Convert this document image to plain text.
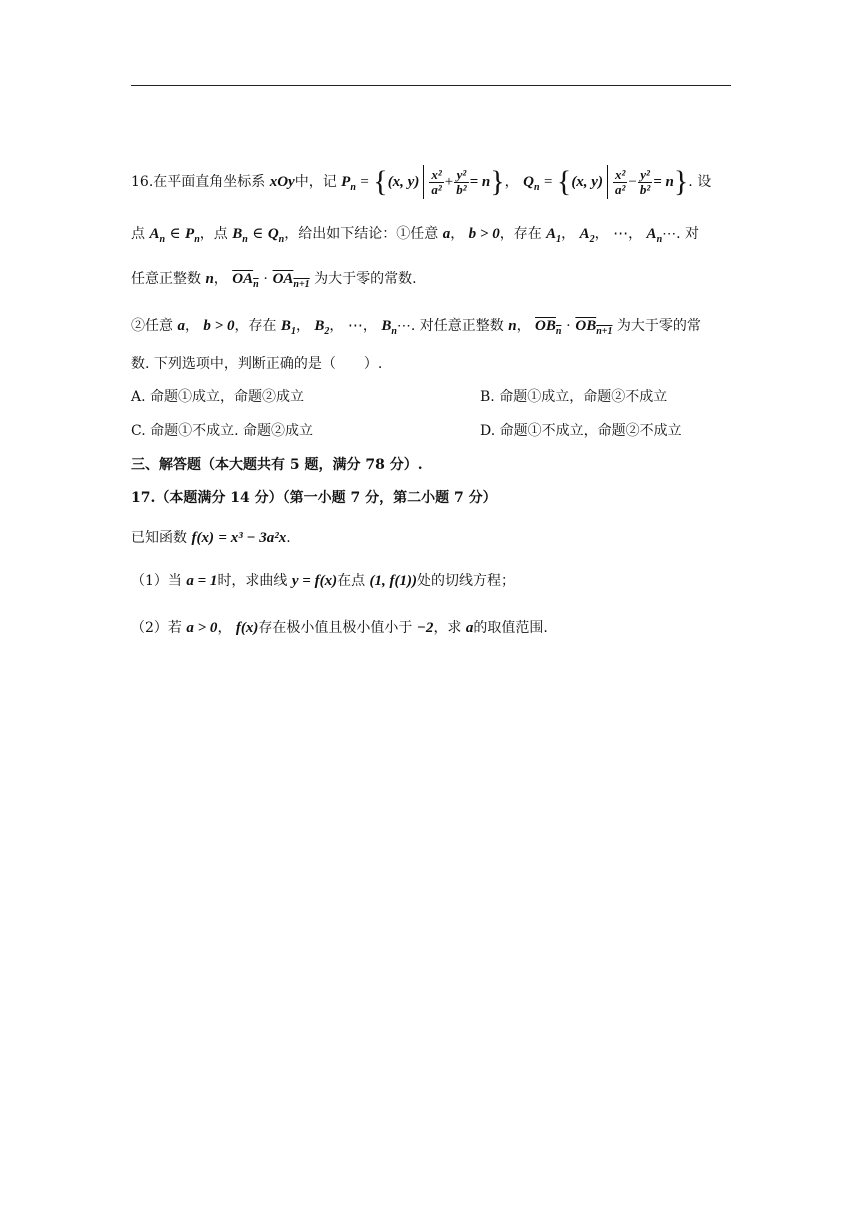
16.在平面直角坐标系 xOy中，记 $P_n = \{(x$, $y) \frac{\text{x²}}{\text{a²}} + \frac{\text{y²}}{\text{b²}} = n$}， $Q_n = \{(x$, $y) \frac{\text{x²}}{\text{a²}} - \frac{\text{y²}}{\text{b²}} = n$}. 设
点 $A_n$ ∈ $P_n$，点 $B_n$ ∈ $Q_n$，给出如下结论：①任意 a， b > 0，存在 $A_1$， $A_2$， ⋯， $A_n\cdots$. 对
任意正整数 n， $OA_n \cdot OA_{n+1}$ 为大于零的常数.
②任意 a， b > 0，存在 $B_1$， $B_2$， ⋯， $B_n\cdots$. 对任意正整数 n， $OB_n \cdot OB_{n+1}$ 为大于零的常
数. 下列选项中，判断正确的是（　　）.
A. 命题①成立，命题②成立	B. 命题①成立，命题②不成立
C. 命题①不成立. 命题②成立	D. 命题①不成立，命题②不成立
三、解答题（本大题共有 5 题，满分 78 分）.
17.（本题满分 14 分）（第一小题 7 分，第二小题 7 分）
已知函数 f(x) = x³ − 3a²x.
（1）当 a = 1时，求曲线 y = f(x)在点 (1, f(1))处的切线方程；
（2）若 a > 0， f(x)存在极小值且极小值小于 −2，求 a的取值范围.
